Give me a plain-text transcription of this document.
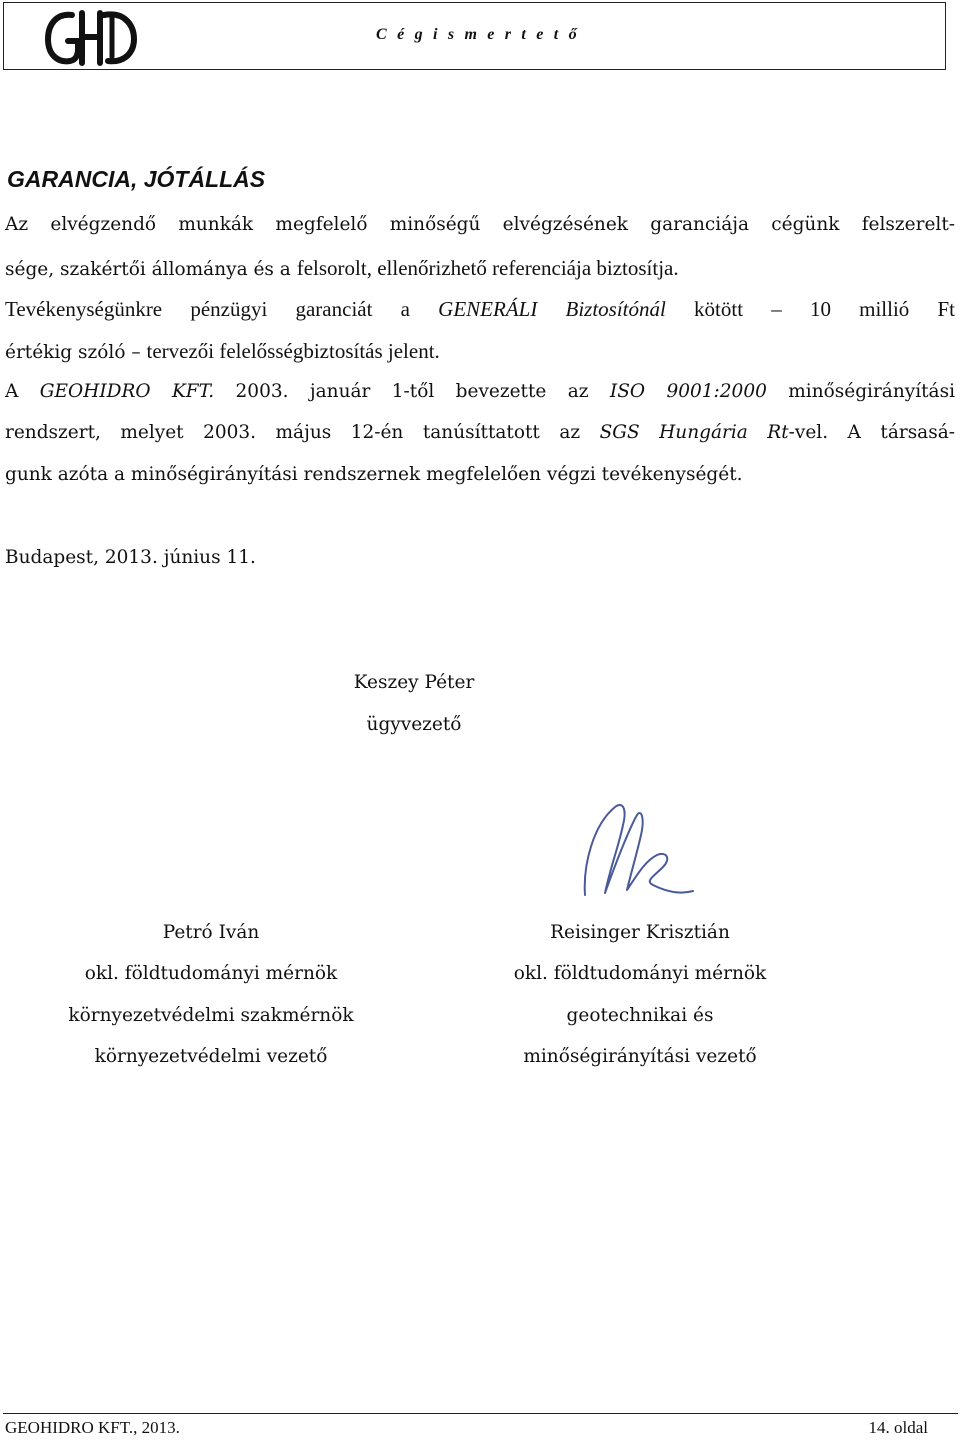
C é g i s m e r t e t ő
GARANCIA, JÓTÁLLÁS
Az elvégzendő munkák megfelelő minőségű elvégzésének garanciája cégünk felszerelt-
sége, szakértői állománya és a felsorolt, ellenőrizhető referenciája biztosítja.
Tevékenységünkre pénzügyi garanciát a GENERÁLI Biztosítónál kötött – 10 millió Ft
értékig szóló – tervezői felelősségbiztosítás jelent.
A GEOHIDRO KFT. 2003. január 1-től bevezette az ISO 9001:2000 minőségirányítási
rendszert, melyet 2003. május 12-én tanúsíttatott az SGS Hungária Rt-vel. A társasá-
gunk azóta a minőségirányítási rendszernek megfelelően végzi tevékenységét.
Budapest, 2013. június 11.
Keszey Péter
ügyvezető
Petró Iván
okl. földtudományi mérnök
környezetvédelmi szakmérnök
környezetvédelmi vezető
Reisinger Krisztián
okl. földtudományi mérnök
geotechnikai és
minőségirányítási vezető
GEOHIDRO KFT., 2013.	14. oldal
